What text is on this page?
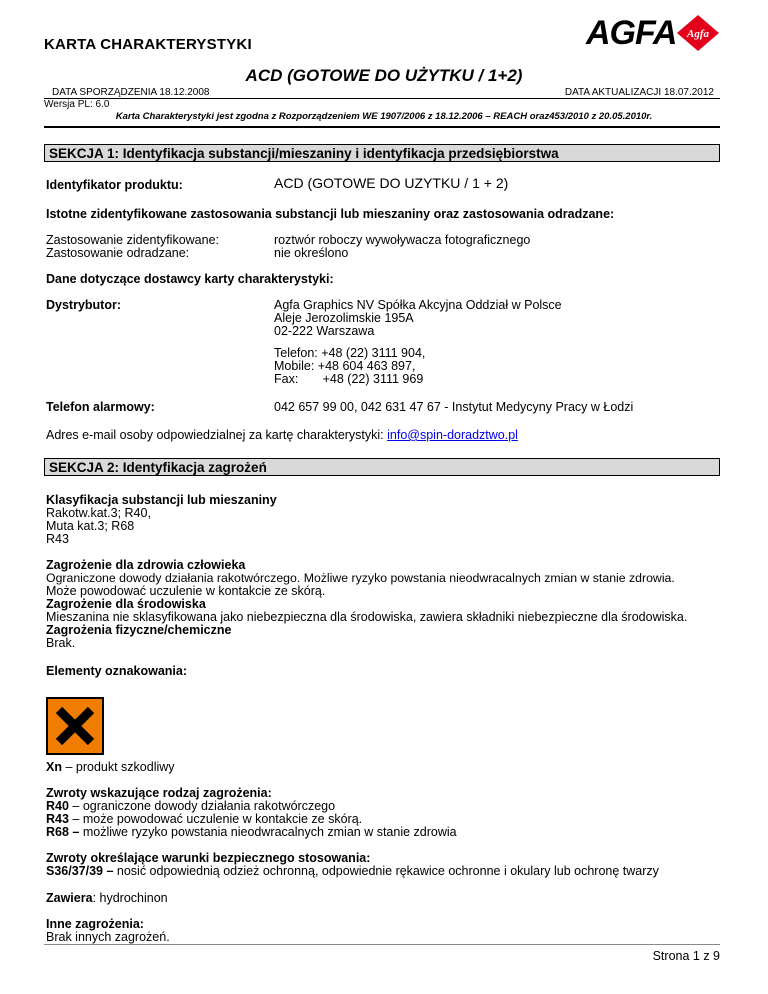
KARTA CHARAKTERYSTYKI	AGFA Agfa
ACD (GOTOWE DO UŻYTKU / 1+2)
DATA SPORZĄDZENIA 18.12.2008	DATA AKTUALIZACJI 18.07.2012
Wersja PL: 6.0
Karta Charakterystyki jest zgodna z Rozporządzeniem WE 1907/2006 z 18.12.2006 – REACH oraz453/2010 z 20.05.2010r.
SEKCJA 1: Identyfikacja substancji/mieszaniny i identyfikacja przedsiębiorstwa
Identyfikator produktu:	ACD (GOTOWE DO UZYTKU / 1 + 2)
Istotne zidentyfikowane zastosowania substancji lub mieszaniny oraz zastosowania odradzane:
Zastosowanie zidentyfikowane:	roztwór roboczy wywoływacza fotograficznego
Zastosowanie odradzane:	nie określono
Dane dotyczące dostawcy karty charakterystyki:
Dystrybutor:	Agfa Graphics NV Spółka Akcyjna Oddział w Polsce
Aleje Jerozolimskie 195A
02-222 Warszawa
Telefon: +48 (22) 3111 904,
Mobile: +48 604 463 897,
Fax:       +48 (22) 3111 969
Telefon alarmowy:	042 657 99 00, 042 631 47 67 - Instytut Medycyny Pracy w Łodzi
Adres e-mail osoby odpowiedzialnej za kartę charakterystyki: info@spin-doradztwo.pl
SEKCJA 2: Identyfikacja zagrożeń
Klasyfikacja substancji lub mieszaniny
Rakotw.kat.3; R40,
Muta kat.3; R68
R43
Zagrożenie dla zdrowia człowieka
Ograniczone dowody działania rakotwórczego. Możliwe ryzyko powstania nieodwracalnych zmian w stanie zdrowia.
Może powodować uczulenie w kontakcie ze skórą.
Zagrożenie dla środowiska
Mieszanina nie sklasyfikowana jako niebezpieczna dla środowiska, zawiera składniki niebezpieczne dla środowiska.
Zagrożenia fizyczne/chemiczne
Brak.
Elementy oznakowania:
Xn – produkt szkodliwy
Zwroty wskazujące rodzaj zagrożenia:
R40 – ograniczone dowody działania rakotwórczego
R43 – może powodować uczulenie w kontakcie ze skórą.
R68 – możliwe ryzyko powstania nieodwracalnych zmian w stanie zdrowia
Zwroty określające warunki bezpiecznego stosowania:
S36/37/39 – nosić odpowiednią odzież ochronną, odpowiednie rękawice ochronne i okulary lub ochronę twarzy
Zawiera: hydrochinon
Inne zagrożenia:
Brak innych zagrożeń.
Strona 1 z 9
